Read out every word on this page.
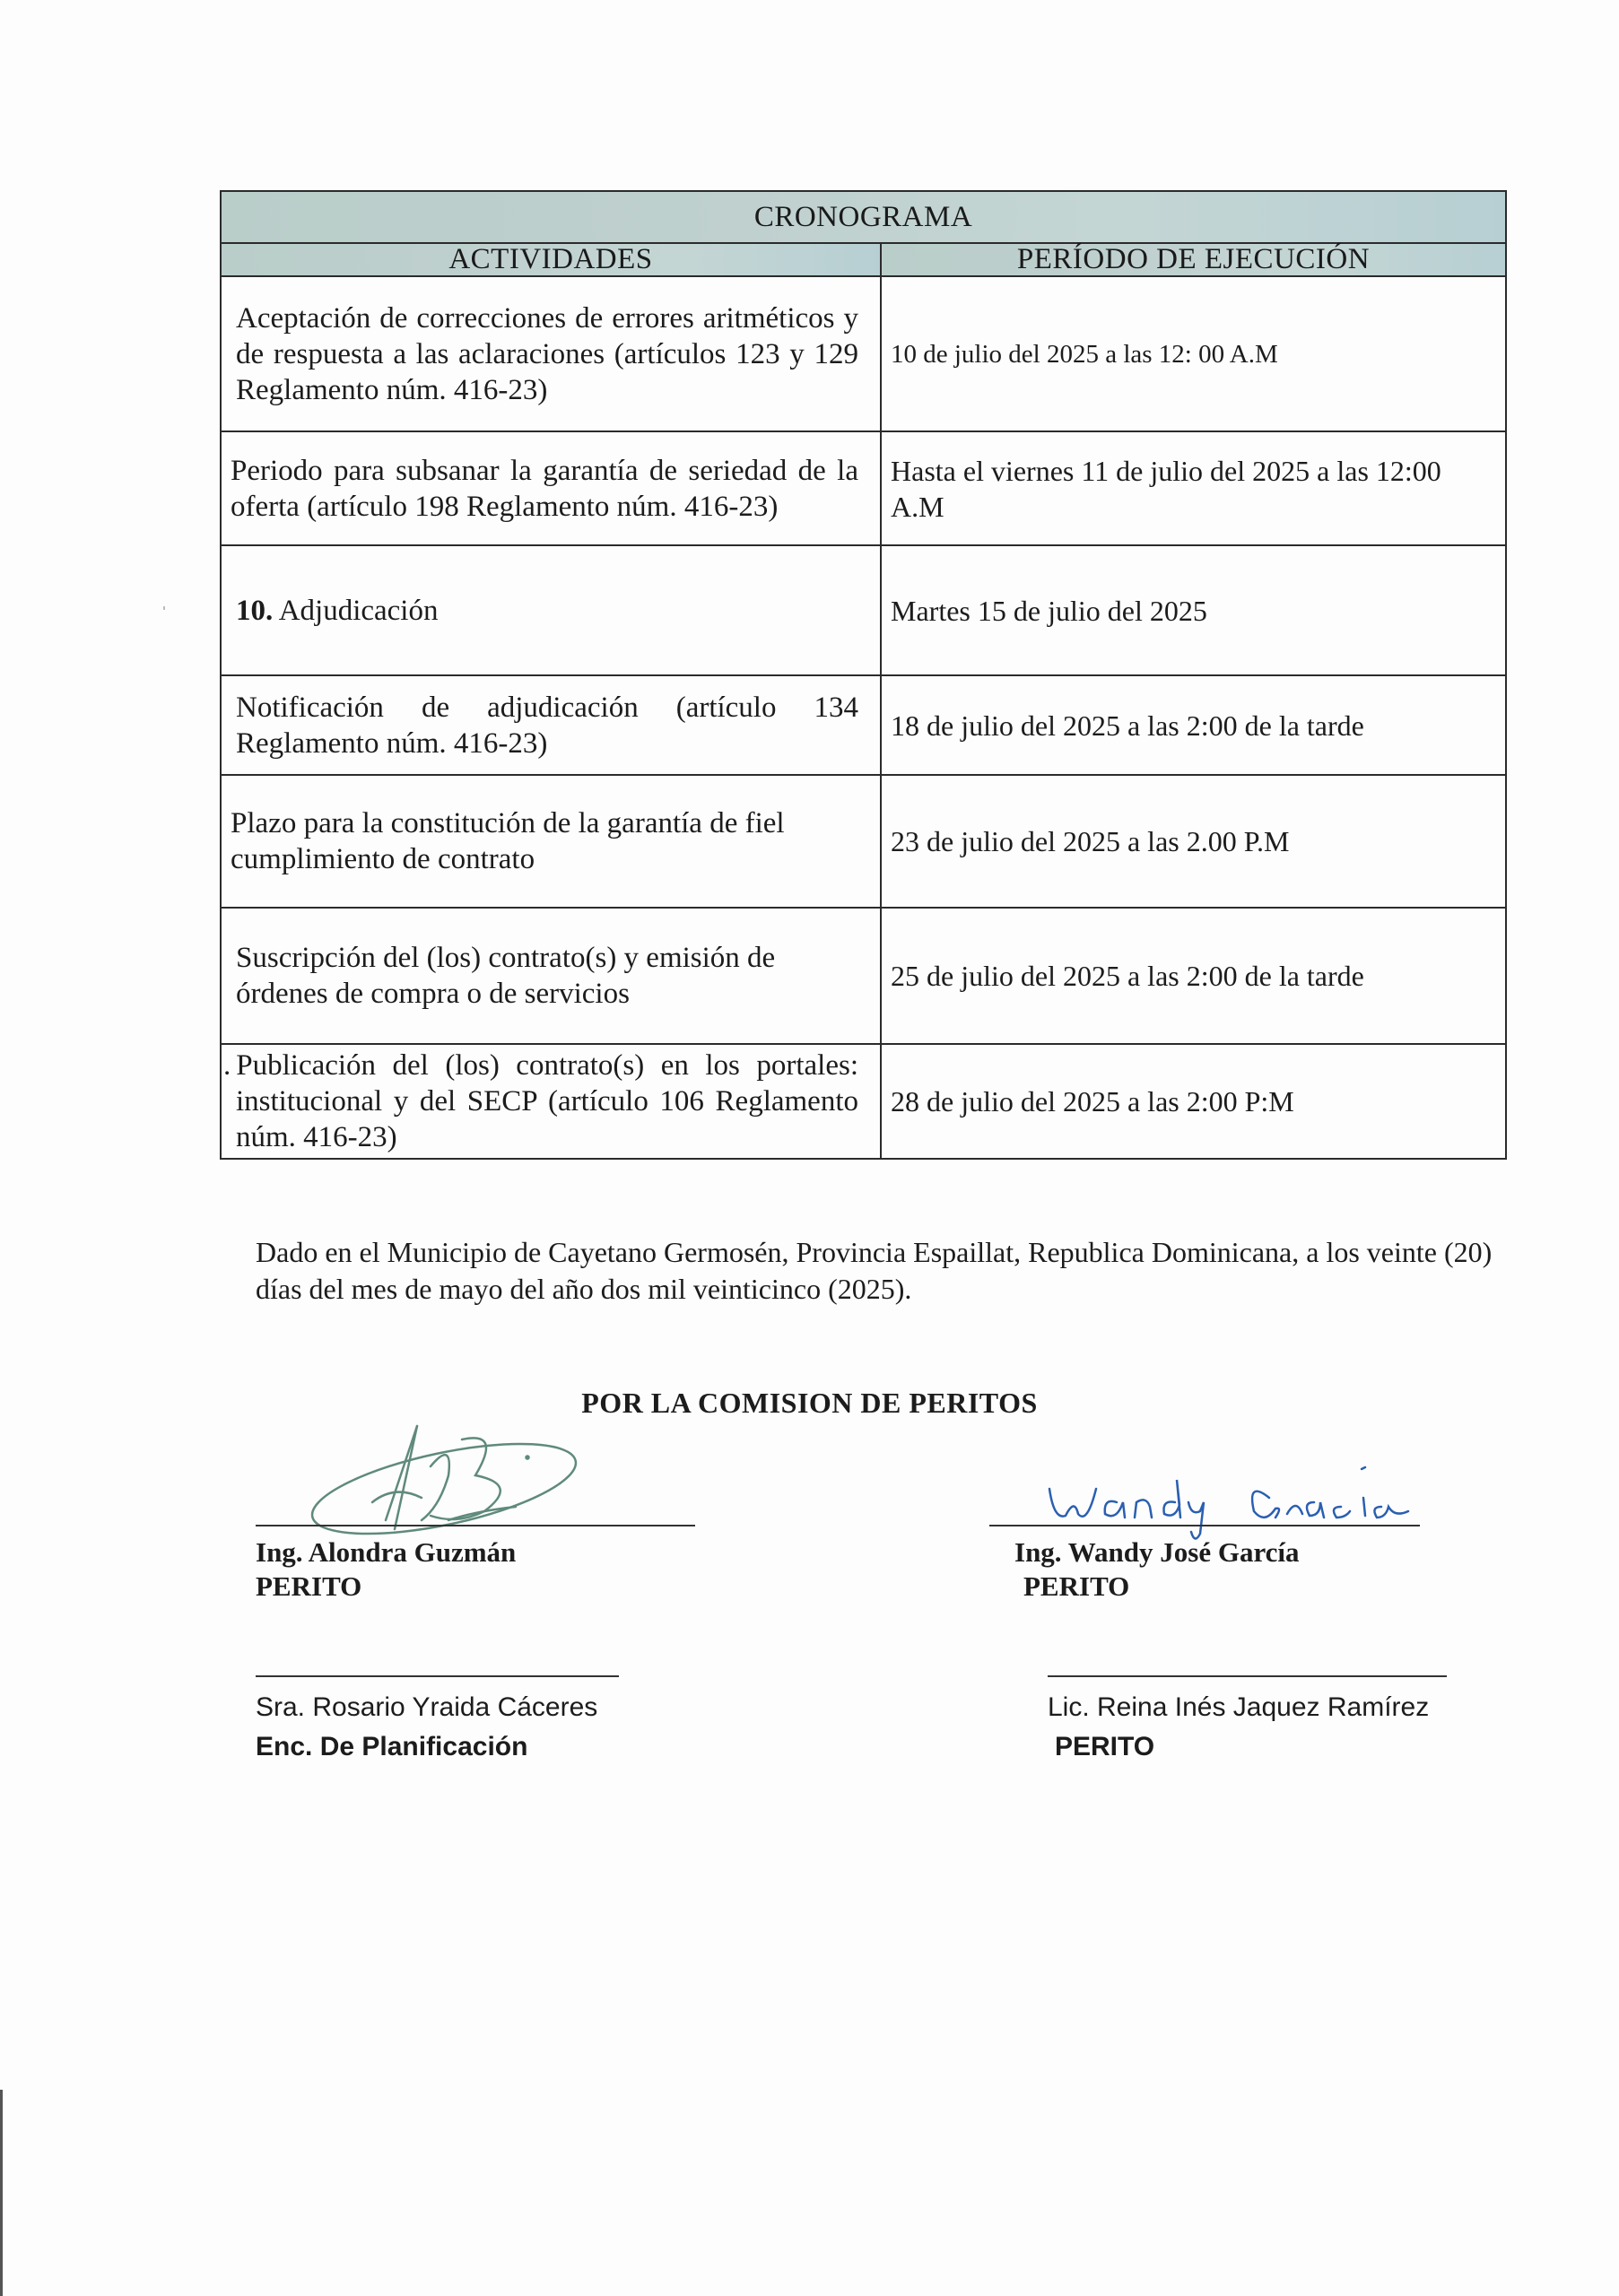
CRONOGRAMA	
ACTIVIDADES	PERÍODO DE EJECUCIÓN
Aceptación de correcciones de errores aritméticos y de respuesta a las aclaraciones (artículos 123 y 129 Reglamento núm. 416-23)	10 de julio del 2025 a las 12: 00 A.M
Periodo para subsanar la garantía de seriedad de la oferta (artículo 198 Reglamento núm. 416-23)	Hasta el viernes 11 de julio del 2025 a las 12:00 A.M
10. Adjudicación	Martes 15 de julio del 2025
Notificación de adjudicación (artículo 134 Reglamento núm. 416-23)	18 de julio del 2025 a las 2:00 de la tarde
Plazo para la constitución de la garantía de fiel cumplimiento de contrato	23 de julio del 2025 a las 2.00 P.M
Suscripción del (los) contrato(s) y emisión de órdenes de compra o de servicios	25 de julio del 2025 a las 2:00 de la tarde
. Publicación del (los) contrato(s) en los portales: institucional y del SECP (artículo 106 Reglamento núm. 416-23)	28 de julio del 2025 a las 2:00 P:M

Dado en el Municipio de Cayetano Germosén, Provincia Espaillat, Republica Dominicana, a los veinte (20) días del mes de mayo del año dos mil veinticinco (2025).

POR LA COMISION DE PERITOS
Ing. Alondra Guzmán
PERITO
Ing. Wandy José García
PERITO
Sra. Rosario Yraida Cáceres
Enc. De Planificación
Lic. Reina Inés Jaquez Ramírez
PERITO
